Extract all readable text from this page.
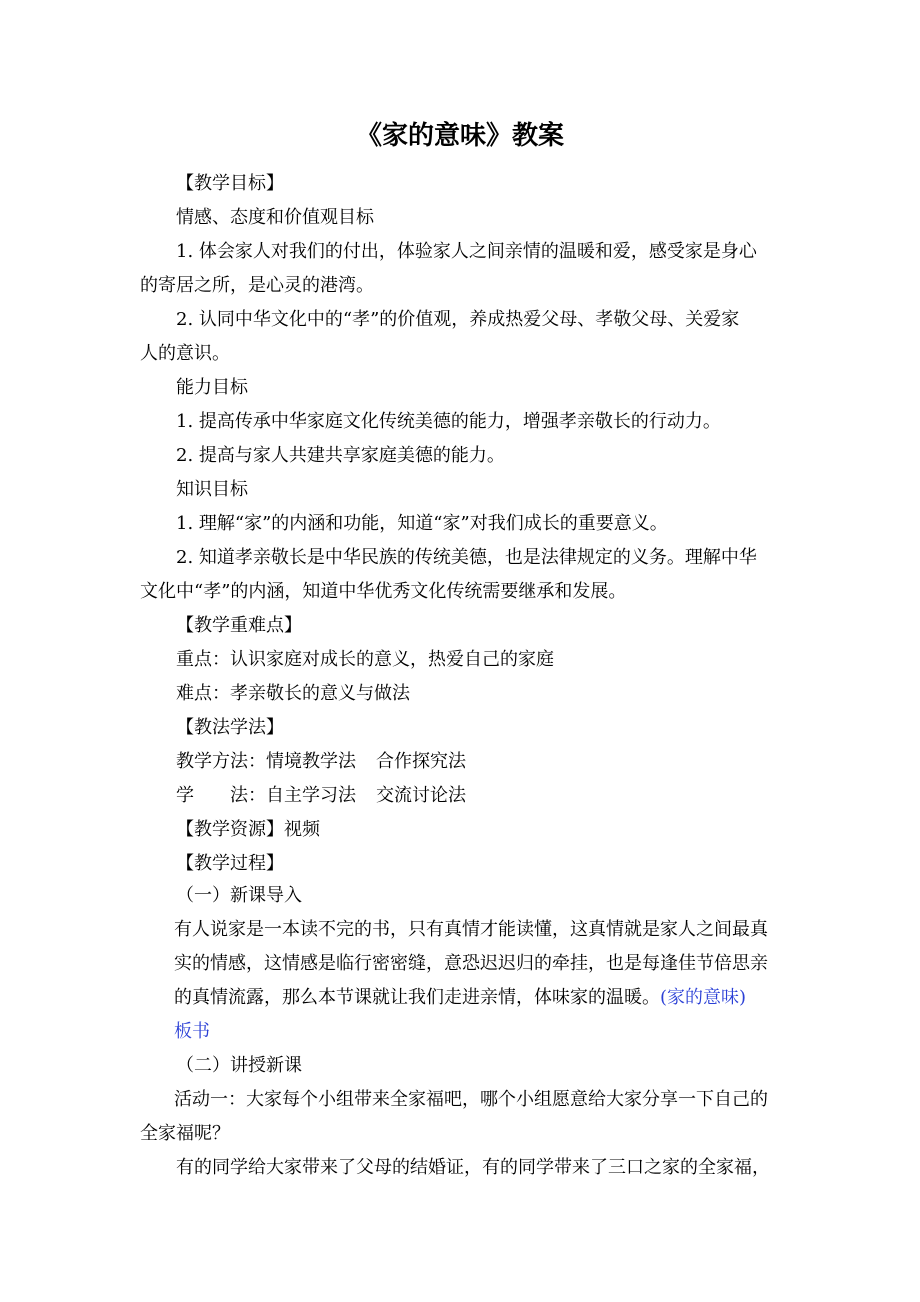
《家的意味》教案
【教学目标】
情感、态度和价值观目标
1. 体会家人对我们的付出，体验家人之间亲情的温暖和爱，感受家是身心
的寄居之所，是心灵的港湾。
2. 认同中华文化中的“孝”的价值观，养成热爱父母、孝敬父母、关爱家
人的意识。
能力目标
1. 提高传承中华家庭文化传统美德的能力，增强孝亲敬长的行动力。
2. 提高与家人共建共享家庭美德的能力。
知识目标
1. 理解“家”的内涵和功能，知道“家”对我们成长的重要意义。
2. 知道孝亲敬长是中华民族的传统美德，也是法律规定的义务。理解中华
文化中“孝”的内涵，知道中华优秀文化传统需要继承和发展。
【教学重难点】
重点：认识家庭对成长的意义，热爱自己的家庭
难点：孝亲敬长的意义与做法
【教法学法】
教学方法：情境教学法 合作探究法
学 法：自主学习法 交流讨论法
【教学资源】视频
【教学过程】
（一）新课导入
有人说家是一本读不完的书，只有真情才能读懂，这真情就是家人之间最真
实的情感，这情感是临行密密缝，意恐迟迟归的牵挂，也是每逢佳节倍思亲
的真情流露，那么本节课就让我们走进亲情，体味家的温暖。(家的意味)
板书
（二）讲授新课
活动一：大家每个小组带来全家福吧，哪个小组愿意给大家分享一下自己的
全家福呢？
有的同学给大家带来了父母的结婚证，有的同学带来了三口之家的全家福，
